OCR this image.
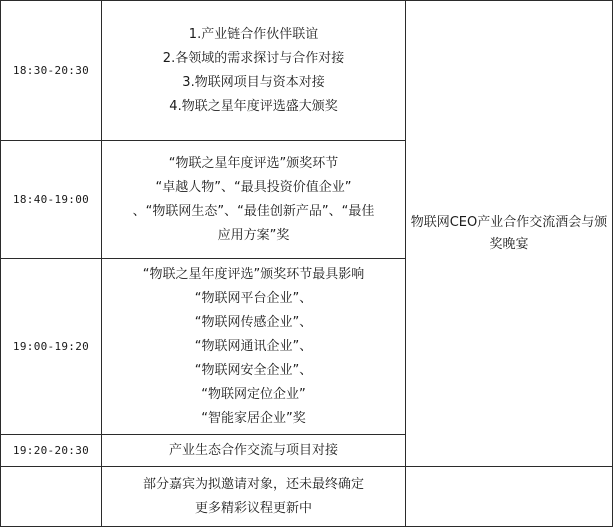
18:30-20:30
1.产业链合作伙伴联谊
2.各领域的需求探讨与合作对接
3.物联网项目与资本对接
4.物联之星年度评选盛大颁奖
18:40-19:00
“物联之星年度评选”颁奖环节
“卓越人物”、“最具投资价值企业”
、“物联网生态”、“最佳创新产品”、“最佳
应用方案”奖
19:00-19:20
“物联之星年度评选”颁奖环节最具影响
“物联网平台企业”、
“物联网传感企业”、
“物联网通讯企业”、
“物联网安全企业”、
“物联网定位企业”
“智能家居企业”奖
19:20-20:30	产业生态合作交流与项目对接
部分嘉宾为拟邀请对象，还未最终确定
更多精彩议程更新中
物联网CEO产业合作交流酒会与颁奖晚宴
